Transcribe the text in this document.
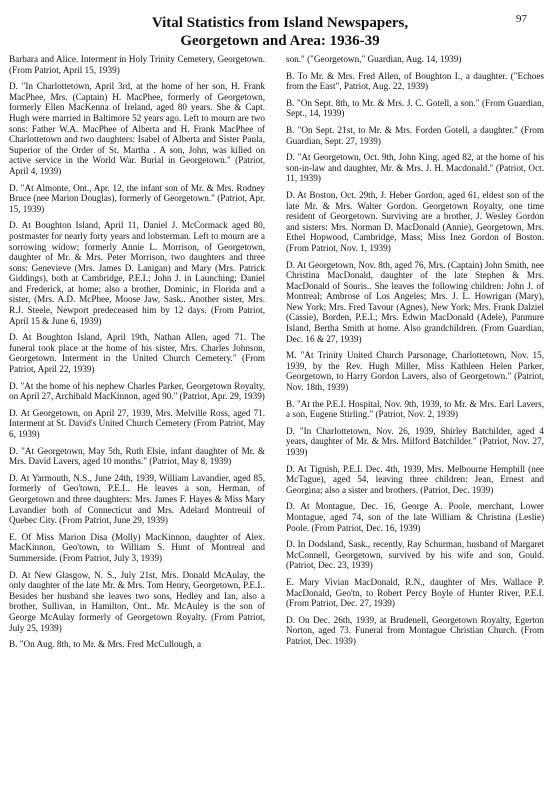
97
Vital Statistics from Island Newspapers,
Georgetown and Area: 1936-39

Barbara and Alice. Interment in Holy Trinity Cemetery, Georgetown. (From Patriot, April 15, 1939)

D. "In Charlottetown, April 3rd, at the home of her son, H. Frank MacPhee, Mrs. (Captain) H. MacPhee, formerly of Georgetown, formerly Ellen MacKenna of Ireland, aged 80 years. She & Capt. Hugh were married in Baltimore 52 years ago. Left to mourn are two sons: Father W.A. MacPhee of Alberta and H. Frank MacPhee of Charlottetown and two daughters: Isabel of Alberta and Sister Paula, Superior of the Order of St. Martha . A son, John, was killed on active service in the World War. Burial in Georgetown." (Patriot, April 4, 1939)

D. "At Almonte, Ont., Apr. 12, the infant son of Mr. & Mrs. Rodney Bruce (nee Marion Douglas), formerly of Georgetown." (Patriot, Apr. 15, 1939)

D. At Boughton Island, April 11, Daniel J. McCormack aged 80, postmaster for nearly forty years and lobsterman. Left to mourn are a sorrowing widow; formerly Annie L. Morrison, of Georgetown, daughter of Mr. & Mrs. Peter Morrison, two daughters and three sons: Genevieve (Mrs. James D. Lanigan) and Mary (Mrs. Patrick Giddings), both at Cambridge, P.E.I.; John J. in Launching; Daniel and Frederick, at home; also a brother, Dominic, in Florida and a sister, (Mrs. A.D. McPhee, Moose Jaw, Sask.. Another sister, Mrs. R.J. Steele, Newport predeceased him by 12 days. (From Patriot, April 15 & June 6, 1939)

D. At Boughton Island, April 19th, Nathan Allen, aged 71. The funeral took place at the home of his sister, Mrs. Charles Johnson, Georgetown. Interment in the United Church Cemetery." (From Patriot, April 22, 1939)

D. "At the home of his nephew Charles Parker, Georgetown Royalty, on April 27, Archibald MacKinnon, aged 90." (Patriot, Apr. 29, 1939)

D. At Georgetown, on April 27, 1939, Mrs. Melville Ross, aged 71. Interment at St. David's United Church Cemetery (From Patriot, May 6, 1939)

D. "At Georgetown, May 5th, Ruth Elsie, infant daughter of Mr. & Mrs. David Lavers, aged 10 months." (Patriot, May 8, 1939)

D. At Yarmouth, N.S., June 24th, 1939, William Lavandier, aged 85, formerly of Geo'town, P.E.I.. He leaves a son, Herman, of Georgetown and three daughters: Mrs. James F. Hayes & Miss Mary Lavandier both of Connecticut and Mrs. Adelard Montreuil of Quebec City. (From Patriot, June 29, 1939)

E. Of Miss Marion Disa (Molly) MacKinnon, daughter of Alex. MacKinnon, Geo'town, to William S. Hunt of Montreal and Summerside. (From Patriot, July 3, 1939)

D. At New Glasgow, N. S., July 21st, Mrs. Donald McAulay, the only daughter of the late Mr. & Mrs. Tom Henry, Georgetown, P.E.I.. Besides her husband she leaves two sons, Hedley and Ian, also a brother, Sullivan, in Hamilton, Ont.. Mr. McAuley is the son of George McAulay formerly of Georgetown Royalty. (From Patriot, July 25, 1939)

B. "On Aug. 8th, to Mr. & Mrs. Fred McCullough, a

son." ("Georgetown," Guardian, Aug. 14, 1939)

B. To Mr. & Mrs. Fred Allen, of Boughton I., a daughter. ("Echoes from the East", Patriot, Aug. 22, 1939)

B. "On Sept. 8th, to Mr. & Mrs. J. C. Gotell, a son." (From Guardian, Sept., 14, 1939)

B. "On Sept. 21st, to Mr. & Mrs. Forden Gotell, a daughter." (From Guardian, Sept. 27, 1939)

D. "At Georgetown, Oct. 9th, John King, aged 82, at the home of his son-in-law and daughter, Mr. & Mrs. J. H. Macdonald." (Patriot, Oct. 11, 1939)

D. At Boston, Oct. 29th, J. Heber Gordon, aged 61, eldest son of the late Mr. & Mrs. Walter Gordon. Georgetown Royalty, one time resident of Georgetown. Surviving are a brother, J. Wesley Gordon and sisters: Mrs. Norman D. MacDonald (Annie), Georgetown, Mrs. Ethel Hopwood, Cambridge, Mass; Miss Inez Gordon of Boston. (From Patriot, Nov. 1, 1939)

D. At Georgetown, Nov. 8th, aged 76, Mrs. (Captain) John Smith, nee Christina MacDonald, daughter of the late Stephen & Mrs. MacDonald of Souris.. She leaves the following children: John J. of Montreal; Ambrose of Los Angeles; Mrs. J. L. Howrigan (Mary), New York; Mrs. Fred Tavour (Agnes), New York; Mrs. Frank Dalziel (Cassie), Borden, P.E.I.; Mrs. Edwin MacDonald (Adele), Panmure Island, Bertha Smith at home. Also grandchildren. (From Guardian, Dec. 16 & 27, 1939)

M. "At Trinity United Church Parsonage, Charlottetown, Nov. 15, 1939, by the Rev. Hugh Miller, Miss Kathleen Helen Parker, Georgetown, to Harry Gordon Lavers, also of Georgetown." (Patriot, Nov. 18th, 1939)

B. "At the P.E.I. Hospital, Nov. 9th, 1939, to Mr. & Mrs. Earl Lavers, a son, Eugene Stirling." (Patriot, Nov. 2, 1939)

D. "In Charlottetown, Nov. 26, 1939, Shirley Batchilder, aged 4 years, daughter of Mr. & Mrs. Milford Batchilder." (Patriot, Nov. 27, 1939)

D. At Tignish, P.E.I. Dec. 4th, 1939, Mrs. Melbourne Hemphill (nee McTague), aged 54, leaving three children: Jean, Ernest and Georgina; also a sister and brothers. (Patriot, Dec. 1939)

D. At Montague, Dec. 16, George A. Poole, merchant, Lower Montague, aged 74, son of the late William & Christina (Leslie) Poole. (From Patriot, Dec. 16, 1939)

D. In Dodsland, Sask., recently, Ray Schurman, husband of Margaret McConnell, Georgetown, survived by his wife and son, Gould. (Patriot, Dec. 23, 1939)

E. Mary Vivian MacDonald, R.N., daughter of Mrs. Wallace P. MacDonald, Geo'tn, to Robert Percy Boyle of Hunter River, P.E.I. (From Patriot, Dec. 27, 1939)

D. On Dec. 26th, 1939, at Brudenell, Georgetown Royalty, Egerton Norton, aged 73. Funeral from Montague Christian Church. (From Patriot, Dec. 1939)
